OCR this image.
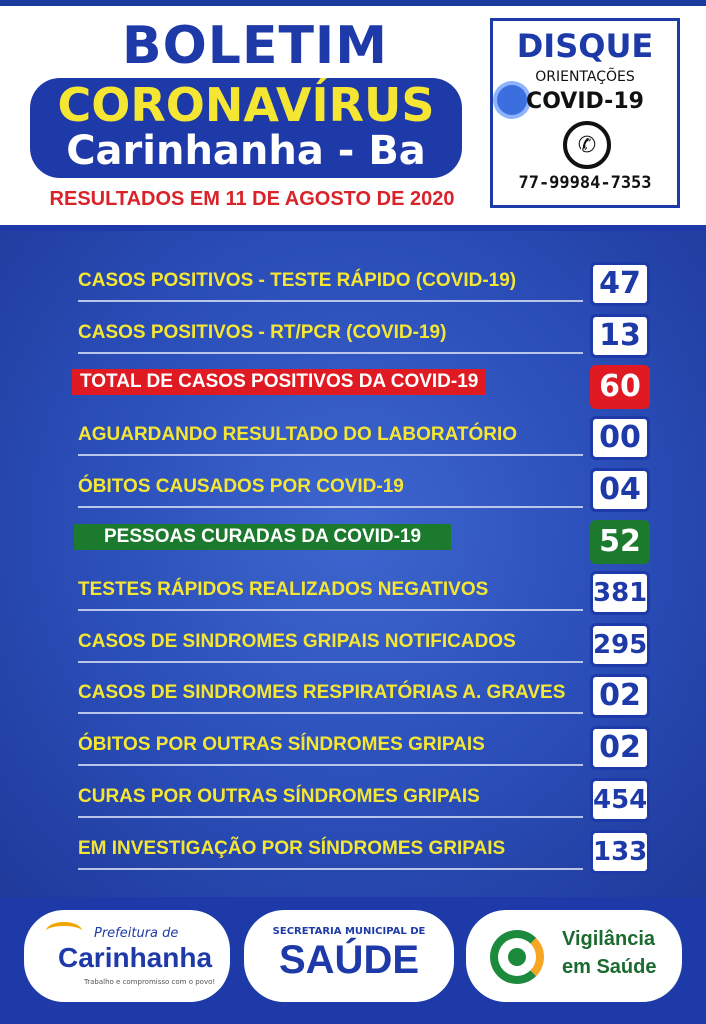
BOLETIM
CORONAVÍRUS
Carinhanha - Ba
RESULTADOS EM 11 DE AGOSTO DE 2020
DISQUE
ORIENTAÇÕES
COVID-19
✆
77-99984-7353
CASOS POSITIVOS - TESTE RÁPIDO (COVID-19)	47
CASOS POSITIVOS - RT/PCR (COVID-19)	13
TOTAL DE CASOS POSITIVOS DA COVID-19	60
AGUARDANDO RESULTADO DO LABORATÓRIO	00
ÓBITOS CAUSADOS POR COVID-19	04
PESSOAS CURADAS DA COVID-19	52
TESTES RÁPIDOS REALIZADOS NEGATIVOS	381
CASOS DE SINDROMES GRIPAIS NOTIFICADOS	295
CASOS DE SINDROMES RESPIRATÓRIAS A. GRAVES	02
ÓBITOS POR OUTRAS SÍNDROMES GRIPAIS	02
CURAS POR OUTRAS SÍNDROMES GRIPAIS	454
EM INVESTIGAÇÃO POR SÍNDROMES GRIPAIS	133
Prefeitura de
Carinhanha
Trabalho e compromisso com o povo!
SECRETARIA MUNICIPAL DE
SAÚDE	Vigilância
em Saúde
